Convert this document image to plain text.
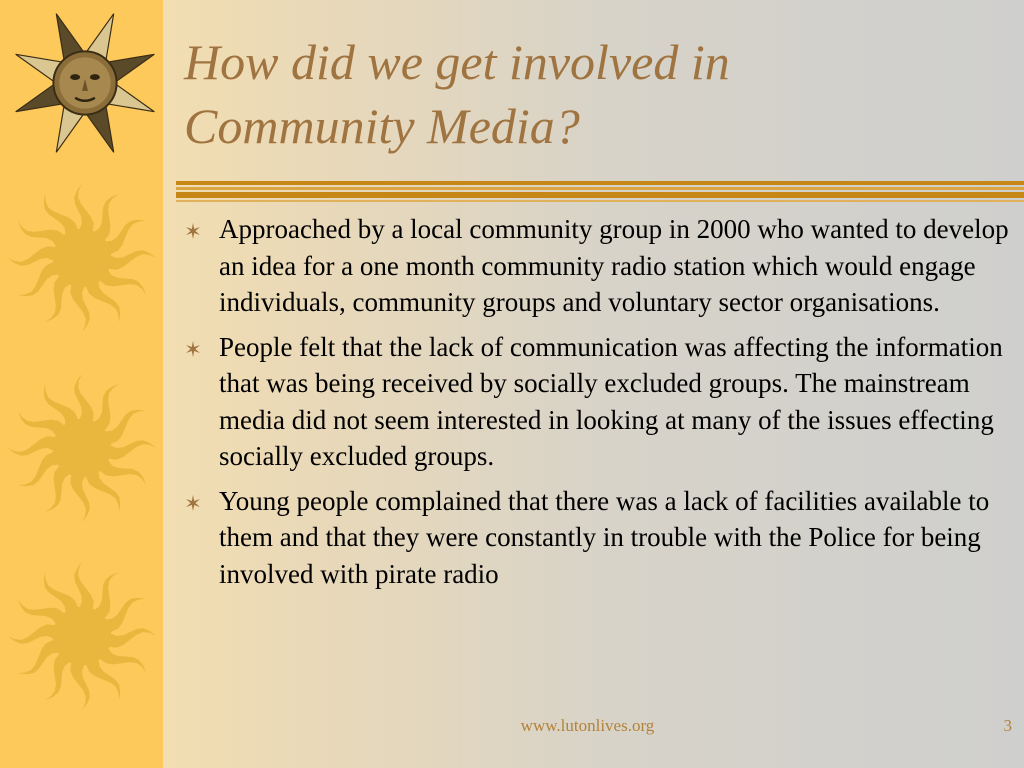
How did we get involved in
Community Media?
Approached by a local community group in 2000 who wanted to develop an idea for a one month community radio station which would engage individuals, community groups and voluntary sector organisations.
People felt that the lack of communication was affecting the information that was being received by socially excluded groups. The mainstream media did not seem interested in looking at many of the issues effecting socially excluded groups.
Young people complained that there was a lack of facilities available to them and that they were constantly in trouble with the Police for being involved with pirate radio
www.lutonlives.org	3
